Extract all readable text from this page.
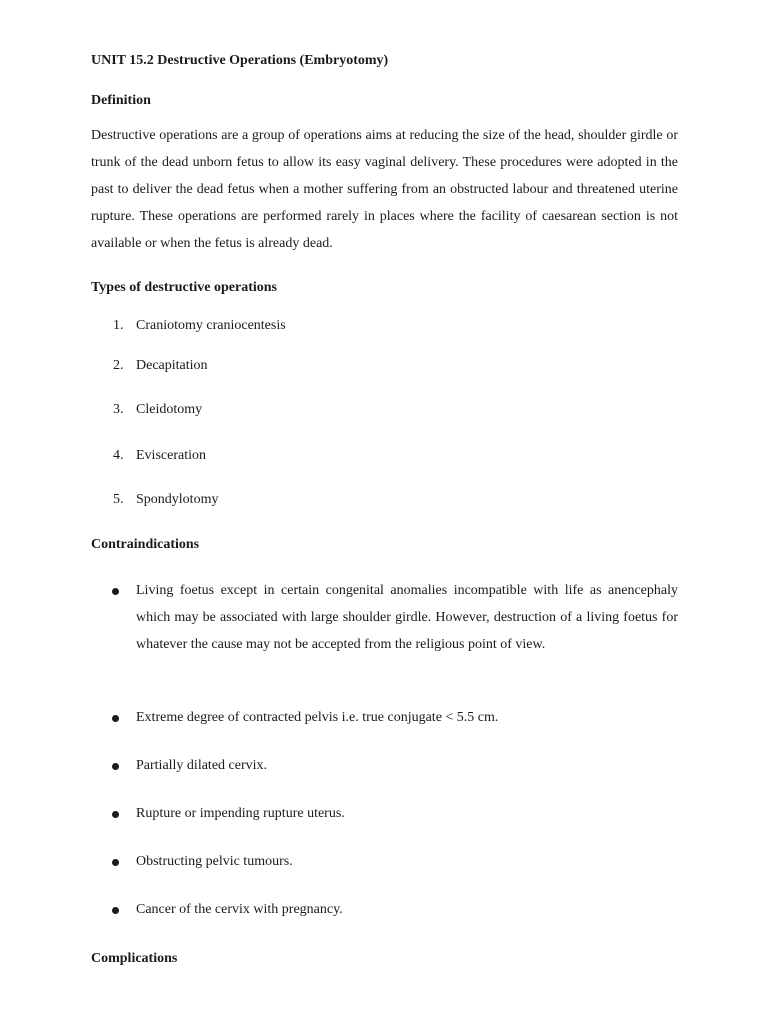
UNIT 15.2 Destructive Operations (Embryotomy)
Definition

Destructive operations are a group of operations aims at reducing the size of the head, shoulder girdle or trunk of the dead unborn fetus to allow its easy vaginal delivery. These procedures were adopted in the past to deliver the dead fetus when a mother suffering from an obstructed labour and threatened uterine rupture. These operations are performed rarely in places where the facility of caesarean section is not available or when the fetus is already dead.

Types of destructive operations
1. Craniotomy craniocentesis
2. Decapitation
3. Cleidotomy
4. Evisceration
5. Spondylotomy
Contraindications

Living foetus except in certain congenital anomalies incompatible with life as anencephaly which may be associated with large shoulder girdle. However, destruction of a living foetus for whatever the cause may not be accepted from the religious point of view.

Extreme degree of contracted pelvis i.e. true conjugate < 5.5 cm.
Partially dilated cervix.
Rupture or impending rupture uterus.
Obstructing pelvic tumours.
Cancer of the cervix with pregnancy.
Complications
